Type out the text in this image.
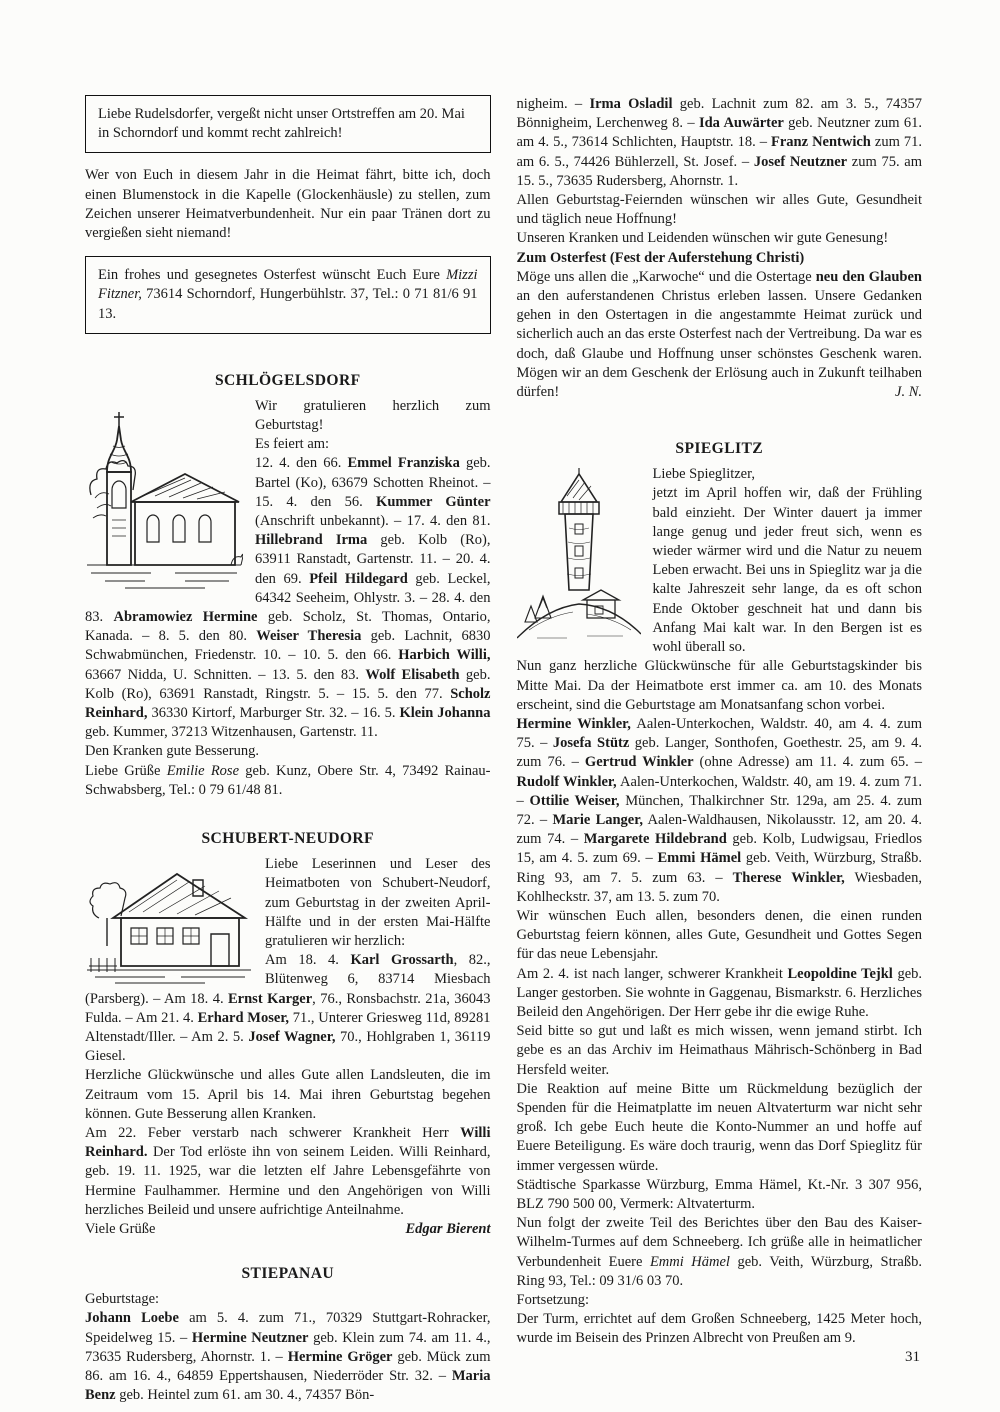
Liebe Rudelsdorfer, vergeßt nicht unser Ortstreffen am 20. Mai in Schorndorf und kommt recht zahlreich!

Wer von Euch in diesem Jahr in die Heimat fährt, bitte ich, doch einen Blumenstock in die Kapelle (Glockenhäusle) zu stellen, zum Zeichen unserer Heimatverbundenheit. Nur ein paar Tränen dort zu vergießen sieht niemand!

Ein frohes und gesegnetes Osterfest wünscht Euch Eure Mizzi Fitzner, 73614 Schorndorf, Hungerbühlstr. 37, Tel.: 0 71 81/6 91 13.

SCHLÖGELSDORF

Wir gratulieren herzlich zum Geburtstag!
Es feiert am:
12. 4. den 66. Emmel Franziska geb. Bartel (Ko), 63679 Schotten Rheinot. – 15. 4. den 56. Kummer Günter (Anschrift unbekannt). – 17. 4. den 81. Hillebrand Irma geb. Kolb (Ro), 63911 Ranstadt, Gartenstr. 11. – 20. 4. den 69. Pfeil Hildegard geb. Leckel, 64342 Seeheim, Ohlystr. 3. – 28. 4. den 83. Abramowiez Hermine geb. Scholz, St. Thomas, Ontario, Kanada. – 8. 5. den 80. Weiser Theresia geb. Lachnit, 6830 Schwabmünchen, Friedenstr. 10. – 10. 5. den 66. Harbich Willi, 63667 Nidda, U. Schnitten. – 13. 5. den 83. Wolf Elisabeth geb. Kolb (Ro), 63691 Ranstadt, Ringstr. 5. – 15. 5. den 77. Scholz Reinhard, 36330 Kirtorf, Marburger Str. 32. – 16. 5. Klein Johanna geb. Kummer, 37213 Witzenhausen, Gartenstr. 11.
Den Kranken gute Besserung.
Liebe Grüße Emilie Rose geb. Kunz, Obere Str. 4, 73492 Rainau-Schwabsberg, Tel.: 0 79 61/48 81.

SCHUBERT-NEUDORF

Liebe Leserinnen und Leser des Heimatboten von Schubert-Neudorf, zum Geburtstag in der zweiten April-Hälfte und in der ersten Mai-Hälfte gratulieren wir herzlich:
Am 18. 4. Karl Grossarth, 82., Blütenweg 6, 83714 Miesbach (Parsberg). – Am 18. 4. Ernst Karger, 76., Ronsbachstr. 21a, 36043 Fulda. – Am 21. 4. Erhard Moser, 71., Unterer Griesweg 11d, 89281 Altenstadt/Iller. – Am 2. 5. Josef Wagner, 70., Hohlgraben 1, 36119 Giesel.

Herzliche Glückwünsche und alles Gute allen Landsleuten, die im Zeitraum vom 15. April bis 14. Mai ihren Geburtstag begehen können. Gute Besserung allen Kranken.

Am 22. Feber verstarb nach schwerer Krankheit Herr Willi Reinhard. Der Tod erlöste ihn von seinem Leiden. Willi Reinhard, geb. 19. 11. 1925, war die letzten elf Jahre Lebensgefährte von Hermine Faulhammer. Hermine und den Angehörigen von Willi herzliches Beileid und unsere aufrichtige Anteilnahme.

Viele Grüße	Edgar Bierent
STIEPANAU

Geburtstage:

Johann Loebe am 5. 4. zum 71., 70329 Stuttgart-Rohracker, Speidelweg 15. – Hermine Neutzner geb. Klein zum 74. am 11. 4., 73635 Rudersberg, Ahornstr. 1. – Hermine Gröger geb. Mück zum 86. am 16. 4., 64859 Eppertshausen, Niederröder Str. 32. – Maria Benz geb. Heintel zum 61. am 30. 4., 74357 Bön-

nigheim. – Irma Osladil geb. Lachnit zum 82. am 3. 5., 74357 Bönnigheim, Lerchenweg 8. – Ida Auwärter geb. Neutzner zum 61. am 4. 5., 73614 Schlichten, Hauptstr. 18. – Franz Nentwich zum 71. am 6. 5., 74426 Bühlerzell, St. Josef. – Josef Neutzner zum 75. am 15. 5., 73635 Rudersberg, Ahornstr. 1.
Allen Geburtstag-Feiernden wünschen wir alles Gute, Gesundheit und täglich neue Hoffnung!
Unseren Kranken und Leidenden wünschen wir gute Genesung!
Zum Osterfest (Fest der Auferstehung Christi)
Möge uns allen die „Karwoche“ und die Ostertage neu den Glauben an den auferstandenen Christus erleben lassen. Unsere Gedanken gehen in den Ostertagen in die angestammte Heimat zurück und sicherlich auch an das erste Osterfest nach der Vertreibung. Da war es doch, daß Glaube und Hoffnung unser schönstes Geschenk waren. Mögen wir an dem Geschenk der Erlösung auch in Zukunft teilhaben dürfen!	J. N.
SPIEGLITZ

Liebe Spieglitzer,
jetzt im April hoffen wir, daß der Frühling bald einzieht. Der Winter dauert ja immer lange genug und jeder freut sich, wenn es wieder wärmer wird und die Natur zu neuem Leben erwacht. Bei uns in Spieglitz war ja die kalte Jahreszeit sehr lange, da es oft schon Ende Oktober geschneit hat und dann bis Anfang Mai kalt war. In den Bergen ist es wohl überall so.
Nun ganz herzliche Glückwünsche für alle Geburtstagskinder bis Mitte Mai. Da der Heimatbote erst immer ca. am 10. des Monats erscheint, sind die Geburtstage am Monatsanfang schon vorbei.
Hermine Winkler, Aalen-Unterkochen, Waldstr. 40, am 4. 4. zum 75. – Josefa Stütz geb. Langer, Sonthofen, Goethestr. 25, am 9. 4. zum 76. – Gertrud Winkler (ohne Adresse) am 11. 4. zum 65. – Rudolf Winkler, Aalen-Unterkochen, Waldstr. 40, am 19. 4. zum 71. – Ottilie Weiser, München, Thalkirchner Str. 129a, am 25. 4. zum 72. – Marie Langer, Aalen-Waldhausen, Nikolausstr. 12, am 20. 4. zum 74. – Margarete Hildebrand geb. Kolb, Ludwigsau, Friedlos 15, am 4. 5. zum 69. – Emmi Hämel geb. Veith, Würzburg, Straßb. Ring 93, am 7. 5. zum 63. – Therese Winkler, Wiesbaden, Kohlheckstr. 37, am 13. 5. zum 70.
Wir wünschen Euch allen, besonders denen, die einen runden Geburtstag feiern können, alles Gute, Gesundheit und Gottes Segen für das neue Lebensjahr.
Am 2. 4. ist nach langer, schwerer Krankheit Leopoldine Tejkl geb. Langer gestorben. Sie wohnte in Gaggenau, Bismarkstr. 6. Herzliches Beileid den Angehörigen. Der Herr gebe ihr die ewige Ruhe.
Seid bitte so gut und laßt es mich wissen, wenn jemand stirbt. Ich gebe es an das Archiv im Heimathaus Mährisch-Schönberg in Bad Hersfeld weiter.
Die Reaktion auf meine Bitte um Rückmeldung bezüglich der Spenden für die Heimatplatte im neuen Altvaterturm war nicht sehr groß. Ich gebe Euch heute die Konto-Nummer an und hoffe auf Euere Beteiligung. Es wäre doch traurig, wenn das Dorf Spieglitz für immer vergessen würde.
Städtische Sparkasse Würzburg, Emma Hämel, Kt.-Nr. 3 307 956, BLZ 790 500 00, Vermerk: Altvaterturm.
Nun folgt der zweite Teil des Berichtes über den Bau des Kaiser-Wilhelm-Turmes auf dem Schneeberg. Ich grüße alle in heimatlicher Verbundenheit Euere Emmi Hämel geb. Veith, Würzburg, Straßb. Ring 93, Tel.: 09 31/6 03 70.
Fortsetzung:
Der Turm, errichtet auf dem Großen Schneeberg, 1425 Meter hoch, wurde im Beisein des Prinzen Albrecht von Preußen am 9.

31
